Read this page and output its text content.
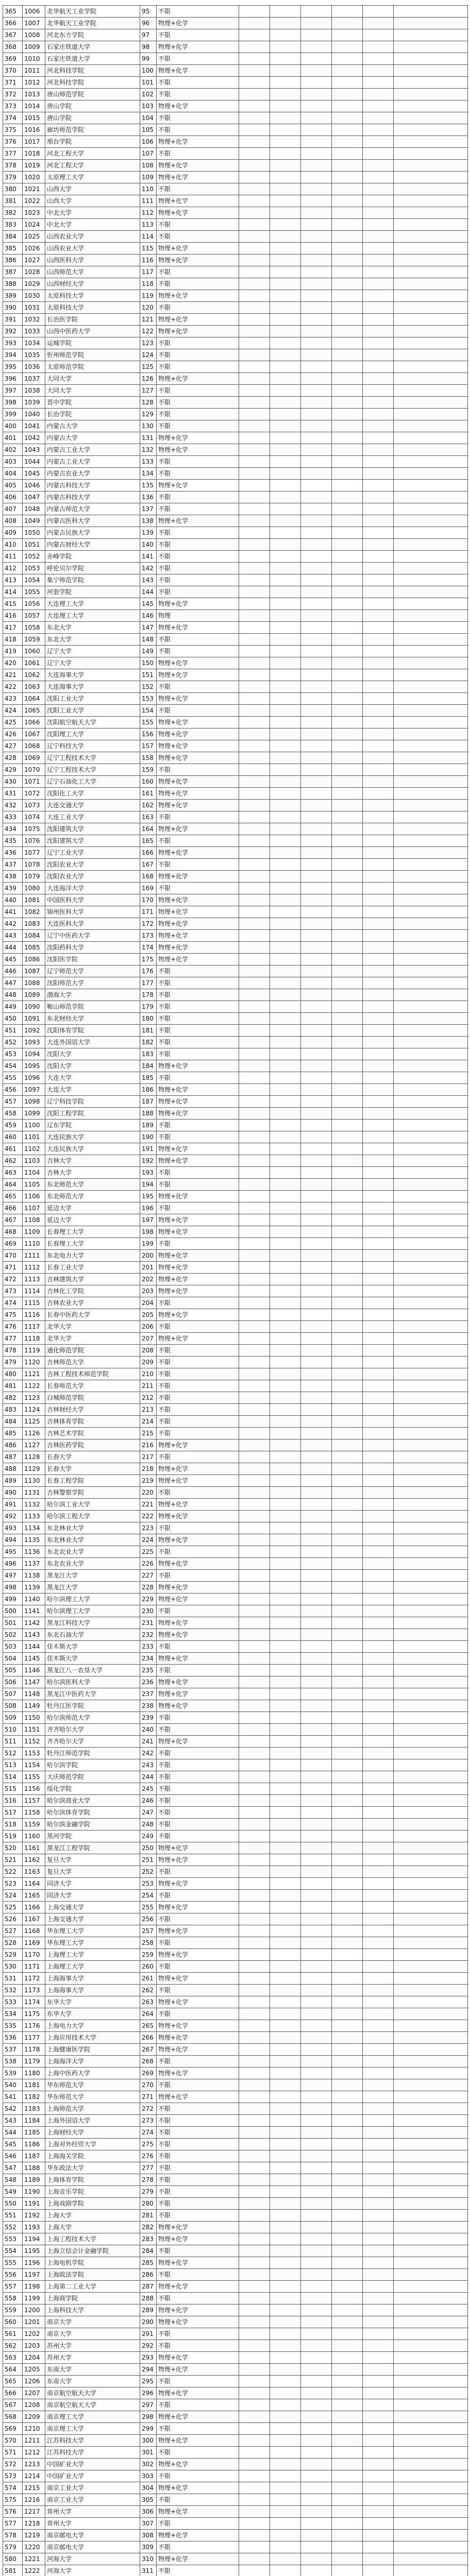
365	1006	北华航天工业学院	95	不限						
366	1007	北华航天工业学院	96	物理+化学						
367	1008	河北东方学院	97	不限						
368	1009	石家庄铁道大学	98	物理+化学						
369	1010	石家庄铁道大学	99	不限						
370	1011	河北科技学院	100	物理+化学						
371	1012	河北科技学院	101	不限						
372	1013	唐山师范学院	102	不限						
373	1014	唐山学院	103	物理+化学						
374	1015	唐山学院	104	不限						
375	1016	廊坊师范学院	105	不限						
376	1017	邢台学院	106	物理+化学						
377	1018	河北工程大学	107	不限						
378	1019	河北工程大学	108	物理+化学						
379	1020	太原理工大学	109	物理+化学						
380	1021	山西大学	110	不限						
381	1022	山西大学	111	物理+化学						
382	1023	中北大学	112	物理+化学						
383	1024	中北大学	113	不限						
384	1025	山西农业大学	114	不限						
385	1026	山西农业大学	115	物理+化学						
386	1027	山西医科大学	116	物理+化学						
387	1028	山西师范大学	117	不限						
388	1029	山西财经大学	118	不限						
389	1030	太原科技大学	119	物理+化学						
390	1031	太原科技大学	120	不限						
391	1032	长治医学院	121	物理+化学						
392	1033	山西中医药大学	122	物理+化学						
393	1034	运城学院	123	不限						
394	1035	忻州师范学院	124	不限						
395	1036	太原师范学院	125	不限						
396	1037	大同大学	126	物理+化学						
397	1038	大同大学	127	不限						
398	1039	晋中学院	128	不限						
399	1040	长治学院	129	不限						
400	1041	内蒙古大学	130	不限						
401	1042	内蒙古大学	131	物理+化学						
402	1043	内蒙古工业大学	132	物理+化学						
403	1044	内蒙古工业大学	133	不限						
404	1045	内蒙古农业大学	134	不限						
405	1046	内蒙古科技大学	135	物理+化学						
406	1047	内蒙古科技大学	136	不限						
407	1048	内蒙古师范大学	137	不限						
408	1049	内蒙古医科大学	138	物理+化学						
409	1050	内蒙古民族大学	139	不限						
410	1051	内蒙古财经大学	140	不限						
411	1052	赤峰学院	141	不限						
412	1053	呼伦贝尔学院	142	不限						
413	1054	集宁师范学院	143	不限						
414	1055	河套学院	144	不限						
415	1056	大连理工大学	145	物理+化学						
416	1057	大连理工大学	146	物理						
417	1058	东北大学	147	物理+化学						
418	1059	东北大学	148	不限						
419	1060	辽宁大学	149	不限						
420	1061	辽宁大学	150	物理+化学						
421	1062	大连海事大学	151	物理+化学						
422	1063	大连海事大学	152	不限						
423	1064	沈阳工业大学	153	物理+化学						
424	1065	沈阳工业大学	154	不限						
425	1066	沈阳航空航天大学	155	物理+化学						
426	1067	沈阳理工大学	156	物理+化学						
427	1068	辽宁科技大学	157	物理+化学						
428	1069	辽宁工程技术大学	158	物理+化学						
429	1070	辽宁工程技术大学	159	不限						
430	1071	辽宁石油化工大学	160	物理+化学						
431	1072	沈阳化工大学	161	物理+化学						
432	1073	大连交通大学	162	物理+化学						
433	1074	大连工业大学	163	不限						
434	1075	沈阳建筑大学	164	物理+化学						
435	1076	沈阳建筑大学	165	不限						
436	1077	辽宁工业大学	166	物理+化学						
437	1078	沈阳农业大学	167	不限						
438	1079	沈阳农业大学	168	物理+化学						
439	1080	大连海洋大学	169	不限						
440	1081	中国医科大学	170	物理+化学						
441	1082	锦州医科大学	171	物理+化学						
442	1083	大连医科大学	172	物理+化学						
443	1084	辽宁中医药大学	173	物理+化学						
444	1085	沈阳药科大学	174	物理+化学						
445	1086	沈阳医学院	175	物理+化学						
446	1087	辽宁师范大学	176	不限						
447	1088	沈阳师范大学	177	不限						
448	1089	渤海大学	178	不限						
449	1090	鞍山师范学院	179	不限						
450	1091	东北财经大学	180	不限						
451	1092	沈阳体育学院	181	不限						
452	1093	大连外国语大学	182	不限						
453	1094	沈阳大学	183	不限						
454	1095	沈阳大学	184	物理+化学						
455	1096	大连大学	185	不限						
456	1097	大连大学	186	物理+化学						
457	1098	辽宁科技学院	187	物理+化学						
458	1099	沈阳工程学院	188	物理+化学						
459	1100	辽东学院	189	不限						
460	1101	大连民族大学	190	不限						
461	1102	大连民族大学	191	物理+化学						
462	1103	吉林大学	192	物理+化学						
463	1104	吉林大学	193	不限						
464	1105	东北师范大学	194	不限						
465	1106	东北师范大学	195	物理+化学						
466	1107	延边大学	196	不限						
467	1108	延边大学	197	物理+化学						
468	1109	长春理工大学	198	物理+化学						
469	1110	长春理工大学	199	不限						
470	1111	东北电力大学	200	物理+化学						
471	1112	长春工业大学	201	物理+化学						
472	1113	吉林建筑大学	202	物理+化学						
473	1114	吉林化工学院	203	物理+化学						
474	1115	吉林农业大学	204	不限						
475	1116	长春中医药大学	205	物理+化学						
476	1117	北华大学	206	不限						
477	1118	北华大学	207	物理+化学						
478	1119	通化师范学院	208	不限						
479	1120	吉林师范大学	209	不限						
480	1121	吉林工程技术师范学院	210	不限						
481	1122	长春师范大学	211	不限						
482	1123	白城师范学院	212	不限						
483	1124	吉林财经大学	213	不限						
484	1125	吉林体育学院	214	不限						
485	1126	吉林艺术学院	215	不限						
486	1127	吉林医药学院	216	物理+化学						
487	1128	长春大学	217	不限						
488	1129	长春大学	218	物理+化学						
489	1130	长春工程学院	219	物理+化学						
490	1131	吉林警察学院	220	不限						
491	1132	哈尔滨工业大学	221	物理+化学						
492	1133	哈尔滨工程大学	222	物理+化学						
493	1134	东北林业大学	223	不限						
494	1135	东北林业大学	224	物理+化学						
495	1136	东北农业大学	225	不限						
496	1137	东北农业大学	226	物理+化学						
497	1138	黑龙江大学	227	不限						
498	1139	黑龙江大学	228	物理+化学						
499	1140	哈尔滨理工大学	229	物理+化学						
500	1141	哈尔滨理工大学	230	不限						
501	1142	黑龙江科技大学	231	物理+化学						
502	1143	东北石油大学	232	物理+化学						
503	1144	佳木斯大学	233	不限						
504	1145	佳木斯大学	234	物理+化学						
505	1146	黑龙江八一农垦大学	235	不限						
506	1147	哈尔滨医科大学	236	物理+化学						
507	1148	黑龙江中医药大学	237	物理+化学						
508	1149	牡丹江医学院	238	物理+化学						
509	1150	哈尔滨师范大学	239	不限						
510	1151	齐齐哈尔大学	240	不限						
511	1152	齐齐哈尔大学	241	物理+化学						
512	1153	牡丹江师范学院	242	不限						
513	1154	哈尔滨学院	243	不限						
514	1155	大庆师范学院	244	不限						
515	1156	绥化学院	245	不限						
516	1157	哈尔滨商业大学	246	不限						
517	1158	哈尔滨体育学院	247	不限						
518	1159	哈尔滨金融学院	248	不限						
519	1160	黑河学院	249	不限						
520	1161	黑龙江工程学院	250	物理+化学						
521	1162	复旦大学	251	物理+化学						
522	1163	复旦大学	252	不限						
523	1164	同济大学	253	物理+化学						
524	1165	同济大学	254	不限						
525	1166	上海交通大学	255	物理+化学						
526	1167	上海交通大学	256	不限						
527	1168	华东理工大学	257	物理+化学						
528	1169	华东理工大学	258	不限						
529	1170	上海理工大学	259	物理+化学						
530	1171	上海理工大学	260	不限						
531	1172	上海海事大学	261	物理+化学						
532	1173	上海海事大学	262	不限						
533	1174	东华大学	263	物理+化学						
534	1175	东华大学	264	不限						
535	1176	上海电力大学	265	物理+化学						
536	1177	上海应用技术大学	266	物理+化学						
537	1178	上海健康医学院	267	物理+化学						
538	1179	上海海洋大学	268	不限						
539	1180	上海中医药大学	269	物理+化学						
540	1181	华东师范大学	270	不限						
541	1182	华东师范大学	271	物理+化学						
542	1183	上海师范大学	272	不限						
543	1184	上海外国语大学	273	不限						
544	1185	上海财经大学	274	不限						
545	1186	上海对外经贸大学	275	不限						
546	1187	上海海关学院	276	不限						
547	1188	华东政法大学	277	不限						
548	1189	上海体育学院	278	不限						
549	1190	上海音乐学院	279	不限						
550	1191	上海戏剧学院	280	不限						
551	1192	上海大学	281	不限						
552	1193	上海大学	282	物理+化学						
553	1194	上海工程技术大学	283	物理+化学						
554	1195	上海立信会计金融学院	284	不限						
555	1196	上海电机学院	285	物理+化学						
556	1197	上海政法学院	286	不限						
557	1198	上海第二工业大学	287	物理+化学						
558	1199	上海商学院	288	不限						
559	1200	上海科技大学	289	物理+化学						
560	1201	南京大学	290	物理+化学						
561	1202	南京大学	291	不限						
562	1203	苏州大学	292	不限						
563	1204	苏州大学	293	物理+化学						
564	1205	东南大学	294	物理+化学						
565	1206	东南大学	295	不限						
566	1207	南京航空航天大学	296	物理+化学						
567	1208	南京航空航天大学	297	不限						
568	1209	南京理工大学	298	物理+化学						
569	1210	南京理工大学	299	不限						
570	1211	江苏科技大学	300	物理+化学						
571	1212	江苏科技大学	301	不限						
572	1213	中国矿业大学	302	物理+化学						
573	1214	中国矿业大学	303	不限						
574	1215	南京工业大学	304	物理+化学						
575	1216	南京工业大学	305	不限						
576	1217	常州大学	306	物理+化学						
577	1218	常州大学	307	不限						
578	1219	南京邮电大学	308	物理+化学						
579	1220	南京邮电大学	309	不限						
580	1221	河海大学	310	物理+化学						
581	1222	河海大学	311	不限						
